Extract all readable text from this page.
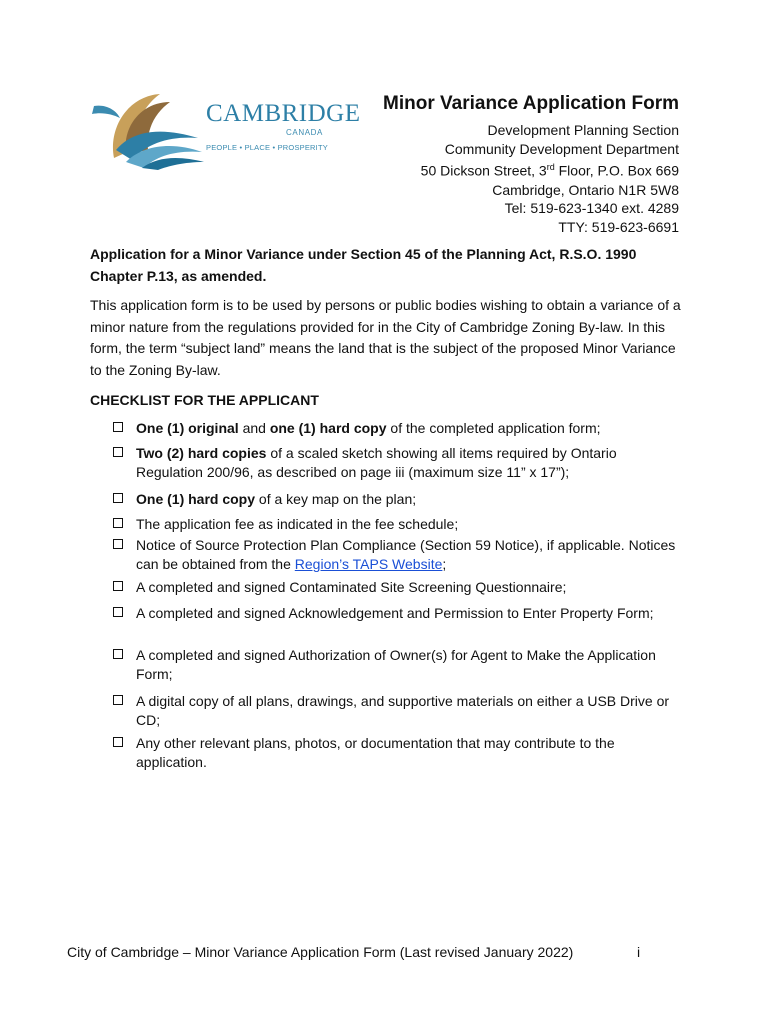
CAMBRIDGE
CANADA
PEOPLE • PLACE • PROSPERITY
Minor Variance Application Form
Development Planning Section
Community Development Department
50 Dickson Street, 3rd Floor, P.O. Box 669
Cambridge, Ontario N1R 5W8
Tel: 519-623-1340 ext. 4289
TTY: 519-623-6691
Application for a Minor Variance under Section 45 of the Planning Act, R.S.O. 1990 Chapter P.13, as amended.
This application form is to be used by persons or public bodies wishing to obtain a variance of a minor nature from the regulations provided for in the City of Cambridge Zoning By-law. In this form, the term “subject land” means the land that is the subject of the proposed Minor Variance to the Zoning By-law.
CHECKLIST FOR THE APPLICANT
One (1) original and one (1) hard copy of the completed application form;
Two (2) hard copies of a scaled sketch showing all items required by Ontario Regulation 200/96, as described on page iii (maximum size 11” x 17”);
One (1) hard copy of a key map on the plan;
The application fee as indicated in the fee schedule;
Notice of Source Protection Plan Compliance (Section 59 Notice), if applicable. Notices can be obtained from the Region’s TAPS Website;
A completed and signed Contaminated Site Screening Questionnaire;
A completed and signed Acknowledgement and Permission to Enter Property Form;
A completed and signed Authorization of Owner(s) for Agent to Make the Application Form;
A digital copy of all plans, drawings, and supportive materials on either a USB Drive or CD;
Any other relevant plans, photos, or documentation that may contribute to the application.
City of Cambridge – Minor Variance Application Form (Last revised January 2022)	i
